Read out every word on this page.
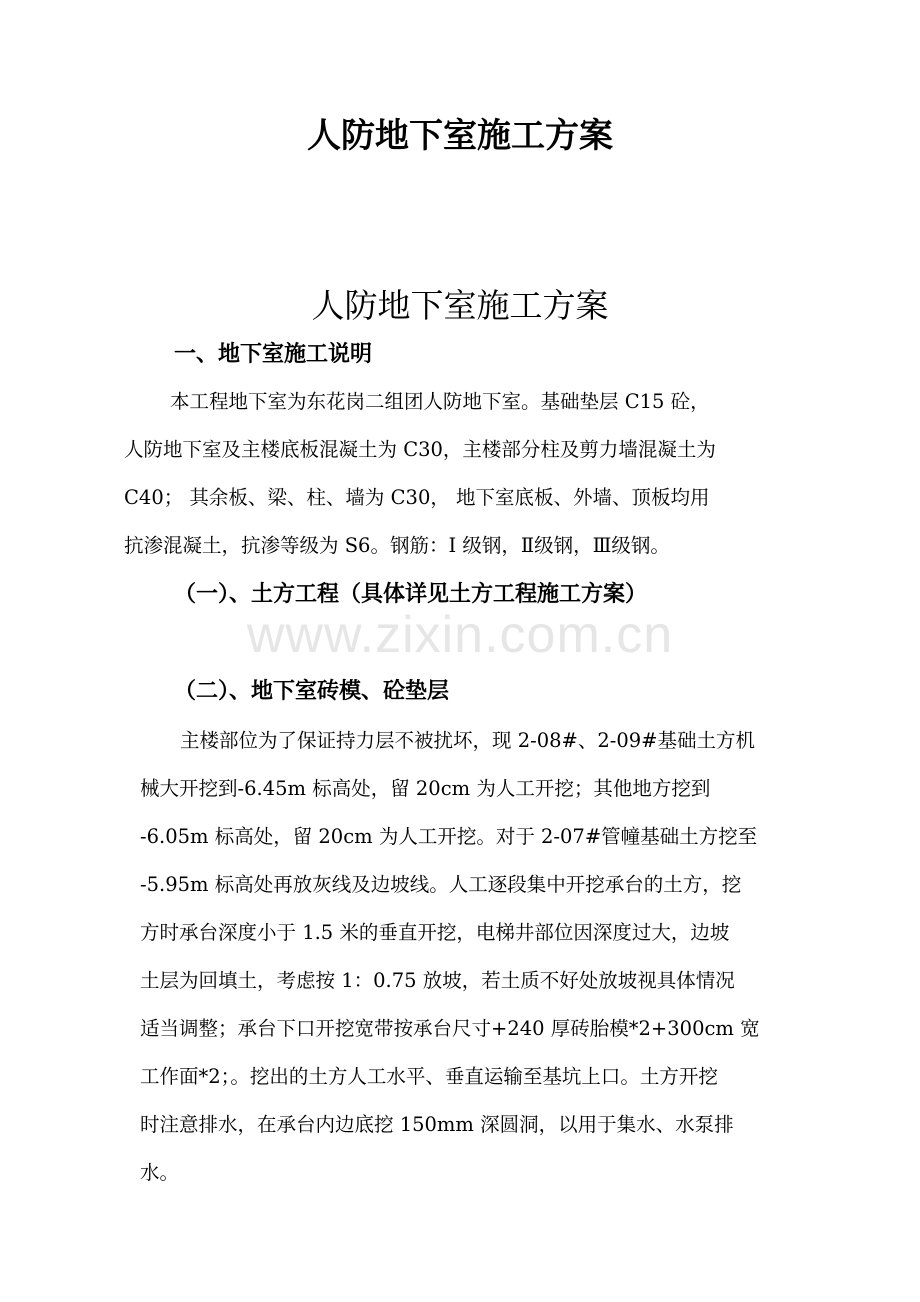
人防地下室施工方案
人防地下室施工方案
一、地下室施工说明
本工程地下室为东花岗二组团人防地下室。基础垫层 C15 砼，
人防地下室及主楼底板混凝土为 C30，主楼部分柱及剪力墙混凝土为
C40； 其余板、梁、柱、墙为 C30， 地下室底板、外墙、顶板均用
抗渗混凝土，抗渗等级为 S6。钢筋：I 级钢，Ⅱ级钢，Ⅲ级钢。
（一）、土方工程（具体详见土方工程施工方案）
www.zixin.com.cn
（二）、地下室砖模、砼垫层
主楼部位为了保证持力层不被扰坏，现 2-08#、2-09#基础土方机
械大开挖到-6.45m 标高处，留 20cm 为人工开挖；其他地方挖到
-6.05m 标高处，留 20cm 为人工开挖。对于 2-07#管幢基础土方挖至
-5.95m 标高处再放灰线及边坡线。人工逐段集中开挖承台的土方，挖
方时承台深度小于 1.5 米的垂直开挖，电梯井部位因深度过大，边坡
土层为回填土，考虑按 1：0.75 放坡，若土质不好处放坡视具体情况
适当调整；承台下口开挖宽带按承台尺寸+240 厚砖胎模*2+300cm 宽
工作面*2；。挖出的土方人工水平、垂直运输至基坑上口。土方开挖
时注意排水，在承台内边底挖 150mm 深圆洞，以用于集水、水泵排
水。
